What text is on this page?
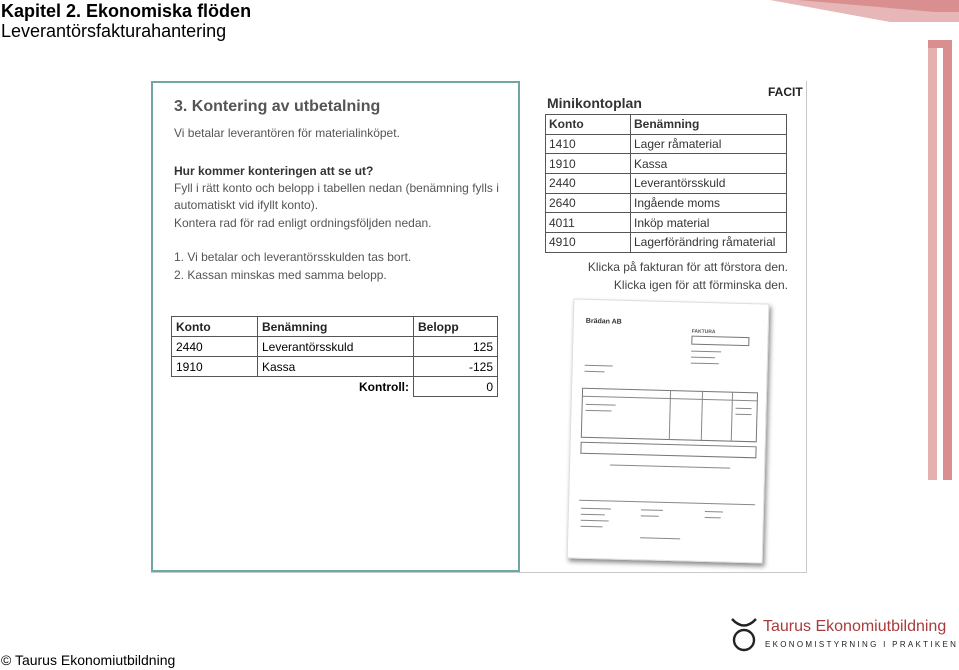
Kapitel 2. Ekonomiska flöden
Leverantörsfakturahantering
3. Kontering av utbetalning
Vi betalar leverantören för materialinköpet.
Hur kommer konteringen att se ut?
Fyll i rätt konto och belopp i tabellen nedan (benämning fylls i
automatiskt vid ifyllt konto).
Kontera rad för rad enligt ordningsföljden nedan.
1. Vi betalar och leverantörsskulden tas bort.
2. Kassan minskas med samma belopp.
Konto	Benämning	Belopp
2440	Leverantörsskuld	125
1910	Kassa	-125
	Kontroll:	0
Minikontoplan
FACIT
Konto	Benämning
1410	Lager råmaterial
1910	Kassa
2440	Leverantörsskuld
2640	Ingående moms
4011	Inköp material
4910	Lagerförändring råmaterial
Klicka på fakturan för att förstora den.
Klicka igen för att förminska den.
Brädan AB
FAKTURA
Taurus Ekonomiutbildning
EKONOMISTYRNING I PRAKTIKEN
© Taurus Ekonomiutbildning
